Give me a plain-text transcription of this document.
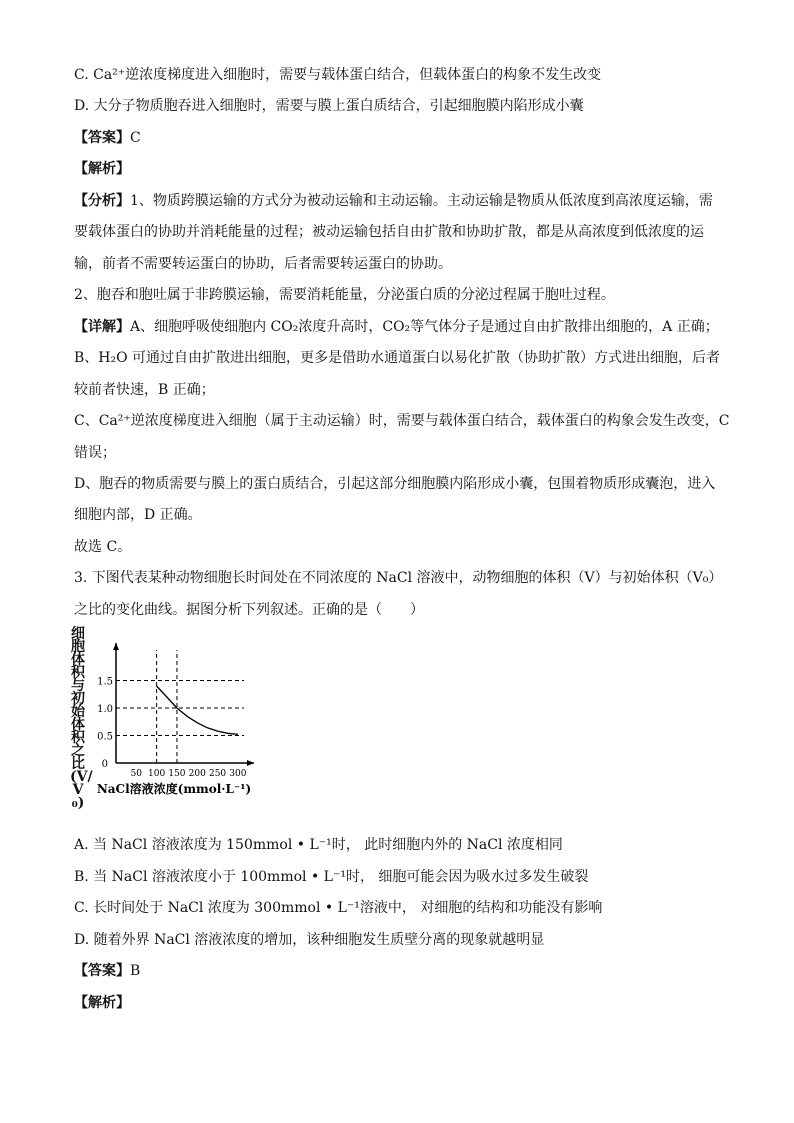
C. Ca²⁺逆浓度梯度进入细胞时，需要与载体蛋白结合，但载体蛋白的构象不发生改变
D. 大分子物质胞吞进入细胞时，需要与膜上蛋白质结合，引起细胞膜内陷形成小囊
【答案】C
【解析】
【分析】1、物质跨膜运输的方式分为被动运输和主动运输。主动运输是物质从低浓度到高浓度运输，需
要载体蛋白的协助并消耗能量的过程；被动运输包括自由扩散和协助扩散，都是从高浓度到低浓度的运
输，前者不需要转运蛋白的协助，后者需要转运蛋白的协助。
2、胞吞和胞吐属于非跨膜运输，需要消耗能量，分泌蛋白质的分泌过程属于胞吐过程。
【详解】A、细胞呼吸使细胞内 CO₂浓度升高时，CO₂等气体分子是通过自由扩散排出细胞的，A 正确；
B、H₂O 可通过自由扩散进出细胞，更多是借助水通道蛋白以易化扩散（协助扩散）方式进出细胞，后者
较前者快速，B 正确；
C、Ca²⁺逆浓度梯度进入细胞（属于主动运输）时，需要与载体蛋白结合，载体蛋白的构象会发生改变，C
错误；
D、胞吞的物质需要与膜上的蛋白质结合，引起这部分细胞膜内陷形成小囊，包围着物质形成囊泡，进入
细胞内部，D 正确。
故选 C。
3. 下图代表某种动物细胞长时间处在不同浓度的 NaCl 溶液中，动物细胞的体积（V）与初始体积（V₀）
之比的变化曲线。据图分析下列叙述。正确的是（　　）
A. 当 NaCl 溶液浓度为 150mmol • L⁻¹时， 此时细胞内外的 NaCl 浓度相同
B. 当 NaCl 溶液浓度小于 100mmol • L⁻¹时， 细胞可能会因为吸水过多发生破裂
C. 长时间处于 NaCl 浓度为 300mmol • L⁻¹溶液中， 对细胞的结构和功能没有影响
D. 随着外界 NaCl 溶液浓度的增加，该种细胞发生质壁分离的现象就越明显
【答案】B
【解析】
细胞体积与初始体积之比(V/V₀)
0.5
1.0
1.5
0
50 100 150 200 250 300
NaCl溶液浓度(mmol·L⁻¹)
